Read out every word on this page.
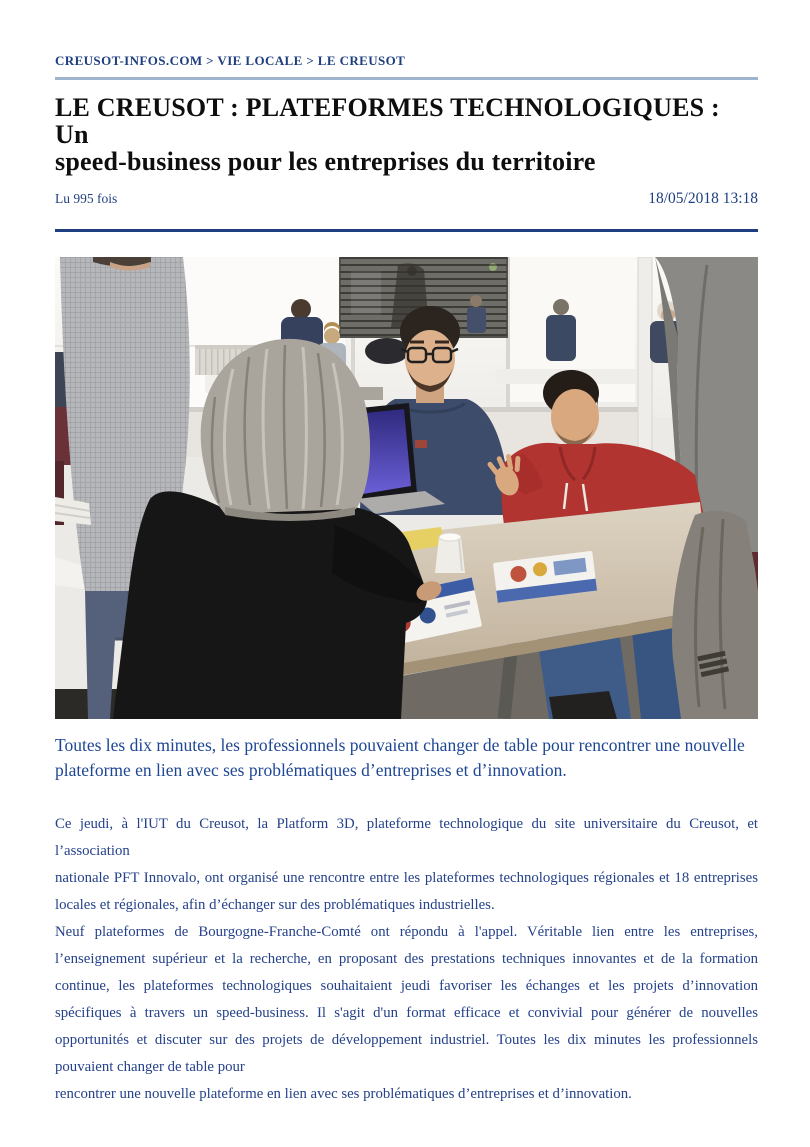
CREUSOT-INFOS.COM > VIE LOCALE > LE CREUSOT
LE CREUSOT : PLATEFORMES TECHNOLOGIQUES : Un
speed-business pour les entreprises du territoire
Lu 995 fois	18/05/2018 13:18

Toutes les dix minutes, les professionnels pouvaient changer de table pour rencontrer une nouvelle plateforme en lien avec ses problématiques d’entreprises et d’innovation.

Ce jeudi, à l'IUT du Creusot, la Platform 3D, plateforme technologique du site universitaire du Creusot, et l’association

nationale PFT Innovalo, ont organisé une rencontre entre les plateformes technologiques régionales et 18 entreprises locales et régionales, afin d’échanger sur des problématiques industrielles.

Neuf plateformes de Bourgogne-Franche-Comté ont répondu à l'appel. Véritable lien entre les entreprises, l’enseignement supérieur et la recherche, en proposant des prestations techniques innovantes et de la formation continue, les plateformes technologiques souhaitaient jeudi favoriser les échanges et les projets d’innovation spécifiques à travers un speed-business. Il s'agit d'un format efficace et convivial pour générer de nouvelles opportunités et discuter sur des projets de développement industriel. Toutes les dix minutes les professionnels pouvaient changer de table pour

rencontrer une nouvelle plateforme en lien avec ses problématiques d’entreprises et d’innovation.
